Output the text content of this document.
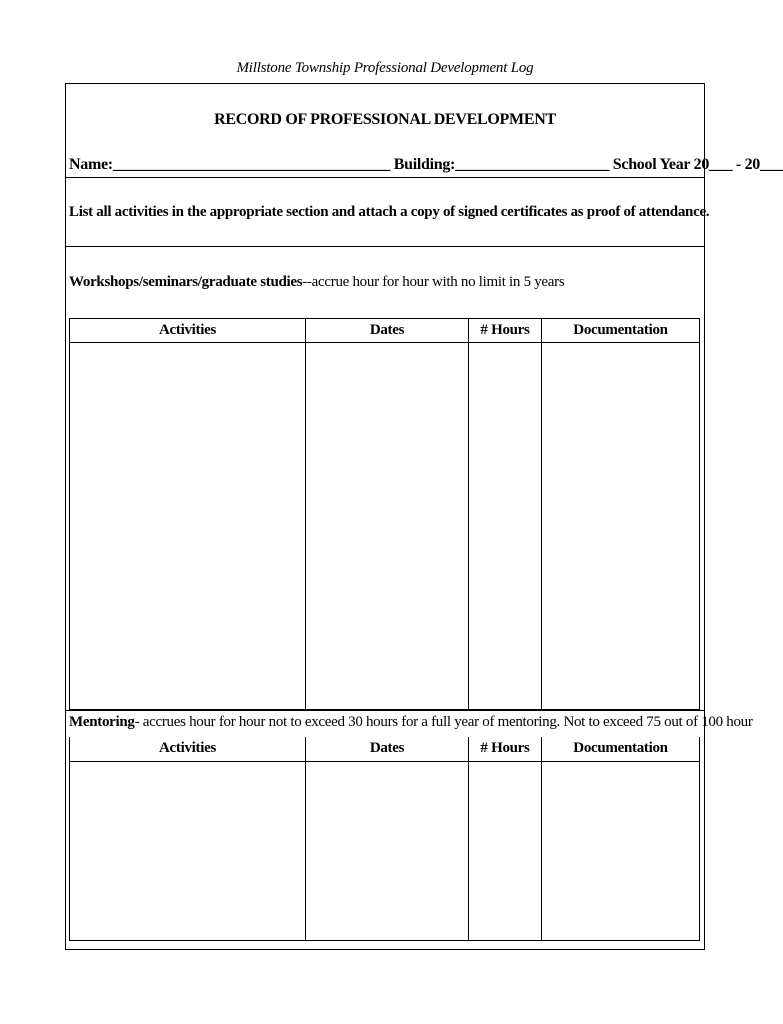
Millstone Township Professional Development Log
RECORD OF PROFESSIONAL DEVELOPMENT
Name:____________________________________ Building:____________________ School Year 20___ - 20___
List all activities in the appropriate section and attach a copy of signed certificates as proof of attendance.
Workshops/seminars/graduate studies--accrue hour for hour with no limit in 5 years
Activities	Dates	# Hours	Documentation

Mentoring- accrues hour for hour not to exceed 30 hours for a full year of mentoring. Not to exceed 75 out of 100 hour
Activities	Dates	# Hours	Documentation
